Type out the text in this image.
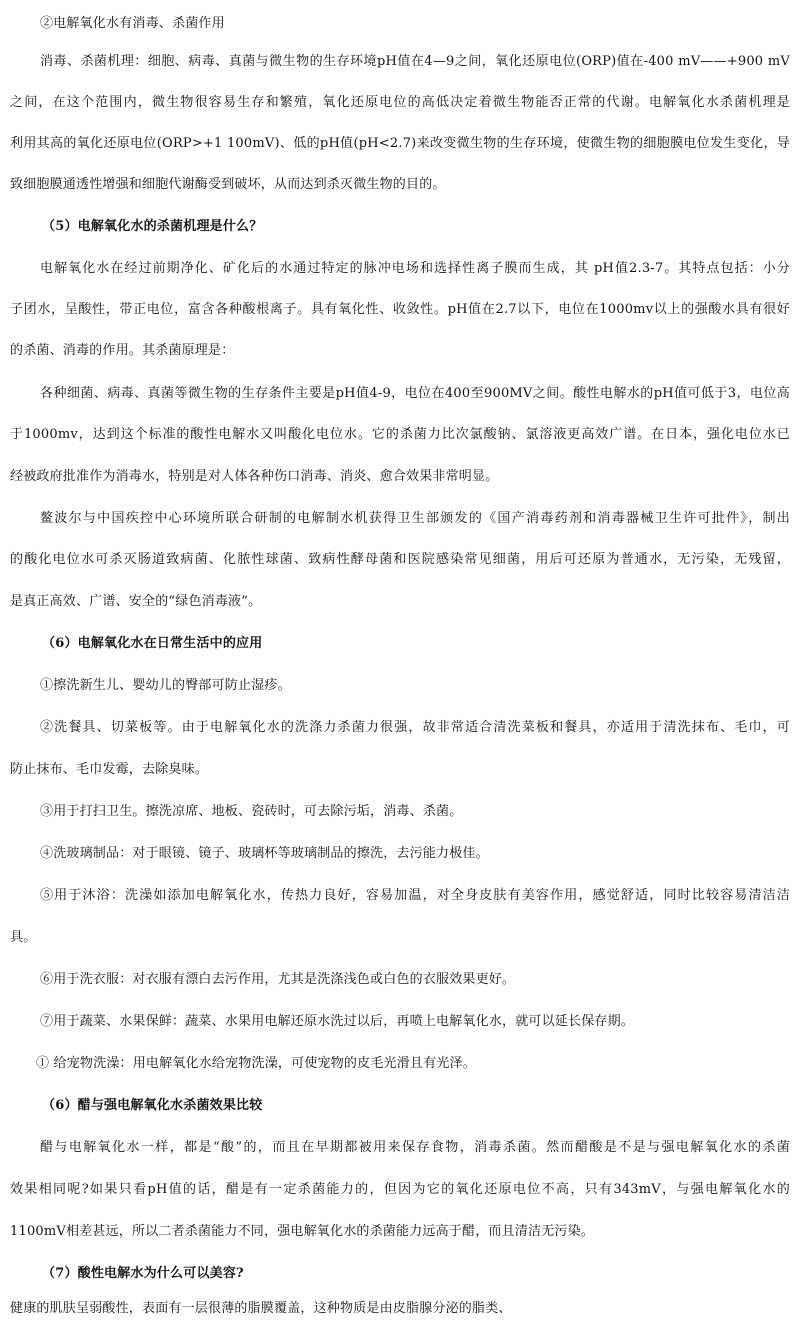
②电解氧化水有消毒、杀菌作用
消毒、杀菌机理：细胞、病毒、真菌与微生物的生存环境pH值在4—9之间，氧化还原电位(ORP)值在-400 mV——+900 mV
之间，在这个范围内，微生物很容易生存和繁殖，氧化还原电位的高低决定着微生物能否正常的代谢。电解氧化水杀菌机理是
利用其高的氧化还原电位(ORP>+1 100mV)、低的pH值(pH<2.7)来改变微生物的生存环境，使微生物的细胞膜电位发生变化，导
致细胞膜通透性增强和细胞代谢酶受到破坏，从而达到杀灭微生物的目的。
（5）电解氧化水的杀菌机理是什么？
电解氧化水在经过前期净化、矿化后的水通过特定的脉冲电场和选择性离子膜而生成，其 pH值2.3-7。其特点包括：小分
子团水，呈酸性，带正电位，富含各种酸根离子。具有氧化性、收敛性。pH值在2.7以下，电位在1000mv以上的强酸水具有很好
的杀菌、消毒的作用。其杀菌原理是：
各种细菌、病毒、真菌等微生物的生存条件主要是pH值4-9，电位在400至900MV之间。酸性电解水的pH值可低于3，电位高
于1000mv，达到这个标准的酸性电解水又叫酸化电位水。它的杀菌力比次氯酸钠、氯溶液更高效广谱。在日本，强化电位水已
经被政府批准作为消毒水，特别是对人体各种伤口消毒、消炎、愈合效果非常明显。
鳌波尔与中国疾控中心环境所联合研制的电解制水机获得卫生部颁发的《国产消毒药剂和消毒器械卫生许可批件》，制出
的酸化电位水可杀灭肠道致病菌、化脓性球菌、致病性酵母菌和医院感染常见细菌，用后可还原为普通水，无污染，无残留，
是真正高效、广谱、安全的“绿色消毒液”。
（6）电解氧化水在日常生活中的应用
①擦洗新生儿、婴幼儿的臀部可防止湿疹。
②洗餐具、切菜板等。由于电解氧化水的洗涤力杀菌力很强，故非常适合清洗菜板和餐具，亦适用于清洗抹布、毛巾，可
防止抹布、毛巾发霉，去除臭味。
③用于打扫卫生。擦洗凉席、地板、瓷砖时，可去除污垢，消毒、杀菌。
④洗玻璃制品：对于眼镜、镜子、玻璃杯等玻璃制品的擦洗，去污能力极佳。
⑤用于沐浴：洗澡如添加电解氧化水，传热力良好，容易加温，对全身皮肤有美容作用，感觉舒适，同时比较容易清洁洁
具。
⑥用于洗衣服：对衣服有漂白去污作用，尤其是洗涤浅色或白色的衣服效果更好。
⑦用于蔬菜、水果保鲜：蔬菜、水果用电解还原水洗过以后，再喷上电解氧化水，就可以延长保存期。
① 给宠物洗澡：用电解氧化水给宠物洗澡，可使宠物的皮毛光滑且有光泽。
（6）醋与强电解氧化水杀菌效果比较
醋与电解氧化水一样，都是“酸”的，而且在早期都被用来保存食物，消毒杀菌。然而醋酸是不是与强电解氧化水的杀菌
效果相同呢?如果只看pH值的话，醋是有一定杀菌能力的，但因为它的氧化还原电位不高，只有343mV，与强电解氧化水的
1100mV相差甚远，所以二者杀菌能力不同，强电解氧化水的杀菌能力远高于醋，而且清洁无污染。
（7）酸性电解水为什么可以美容?
健康的肌肤呈弱酸性，表面有一层很薄的脂膜覆盖，这种物质是由皮脂腺分泌的脂类、
